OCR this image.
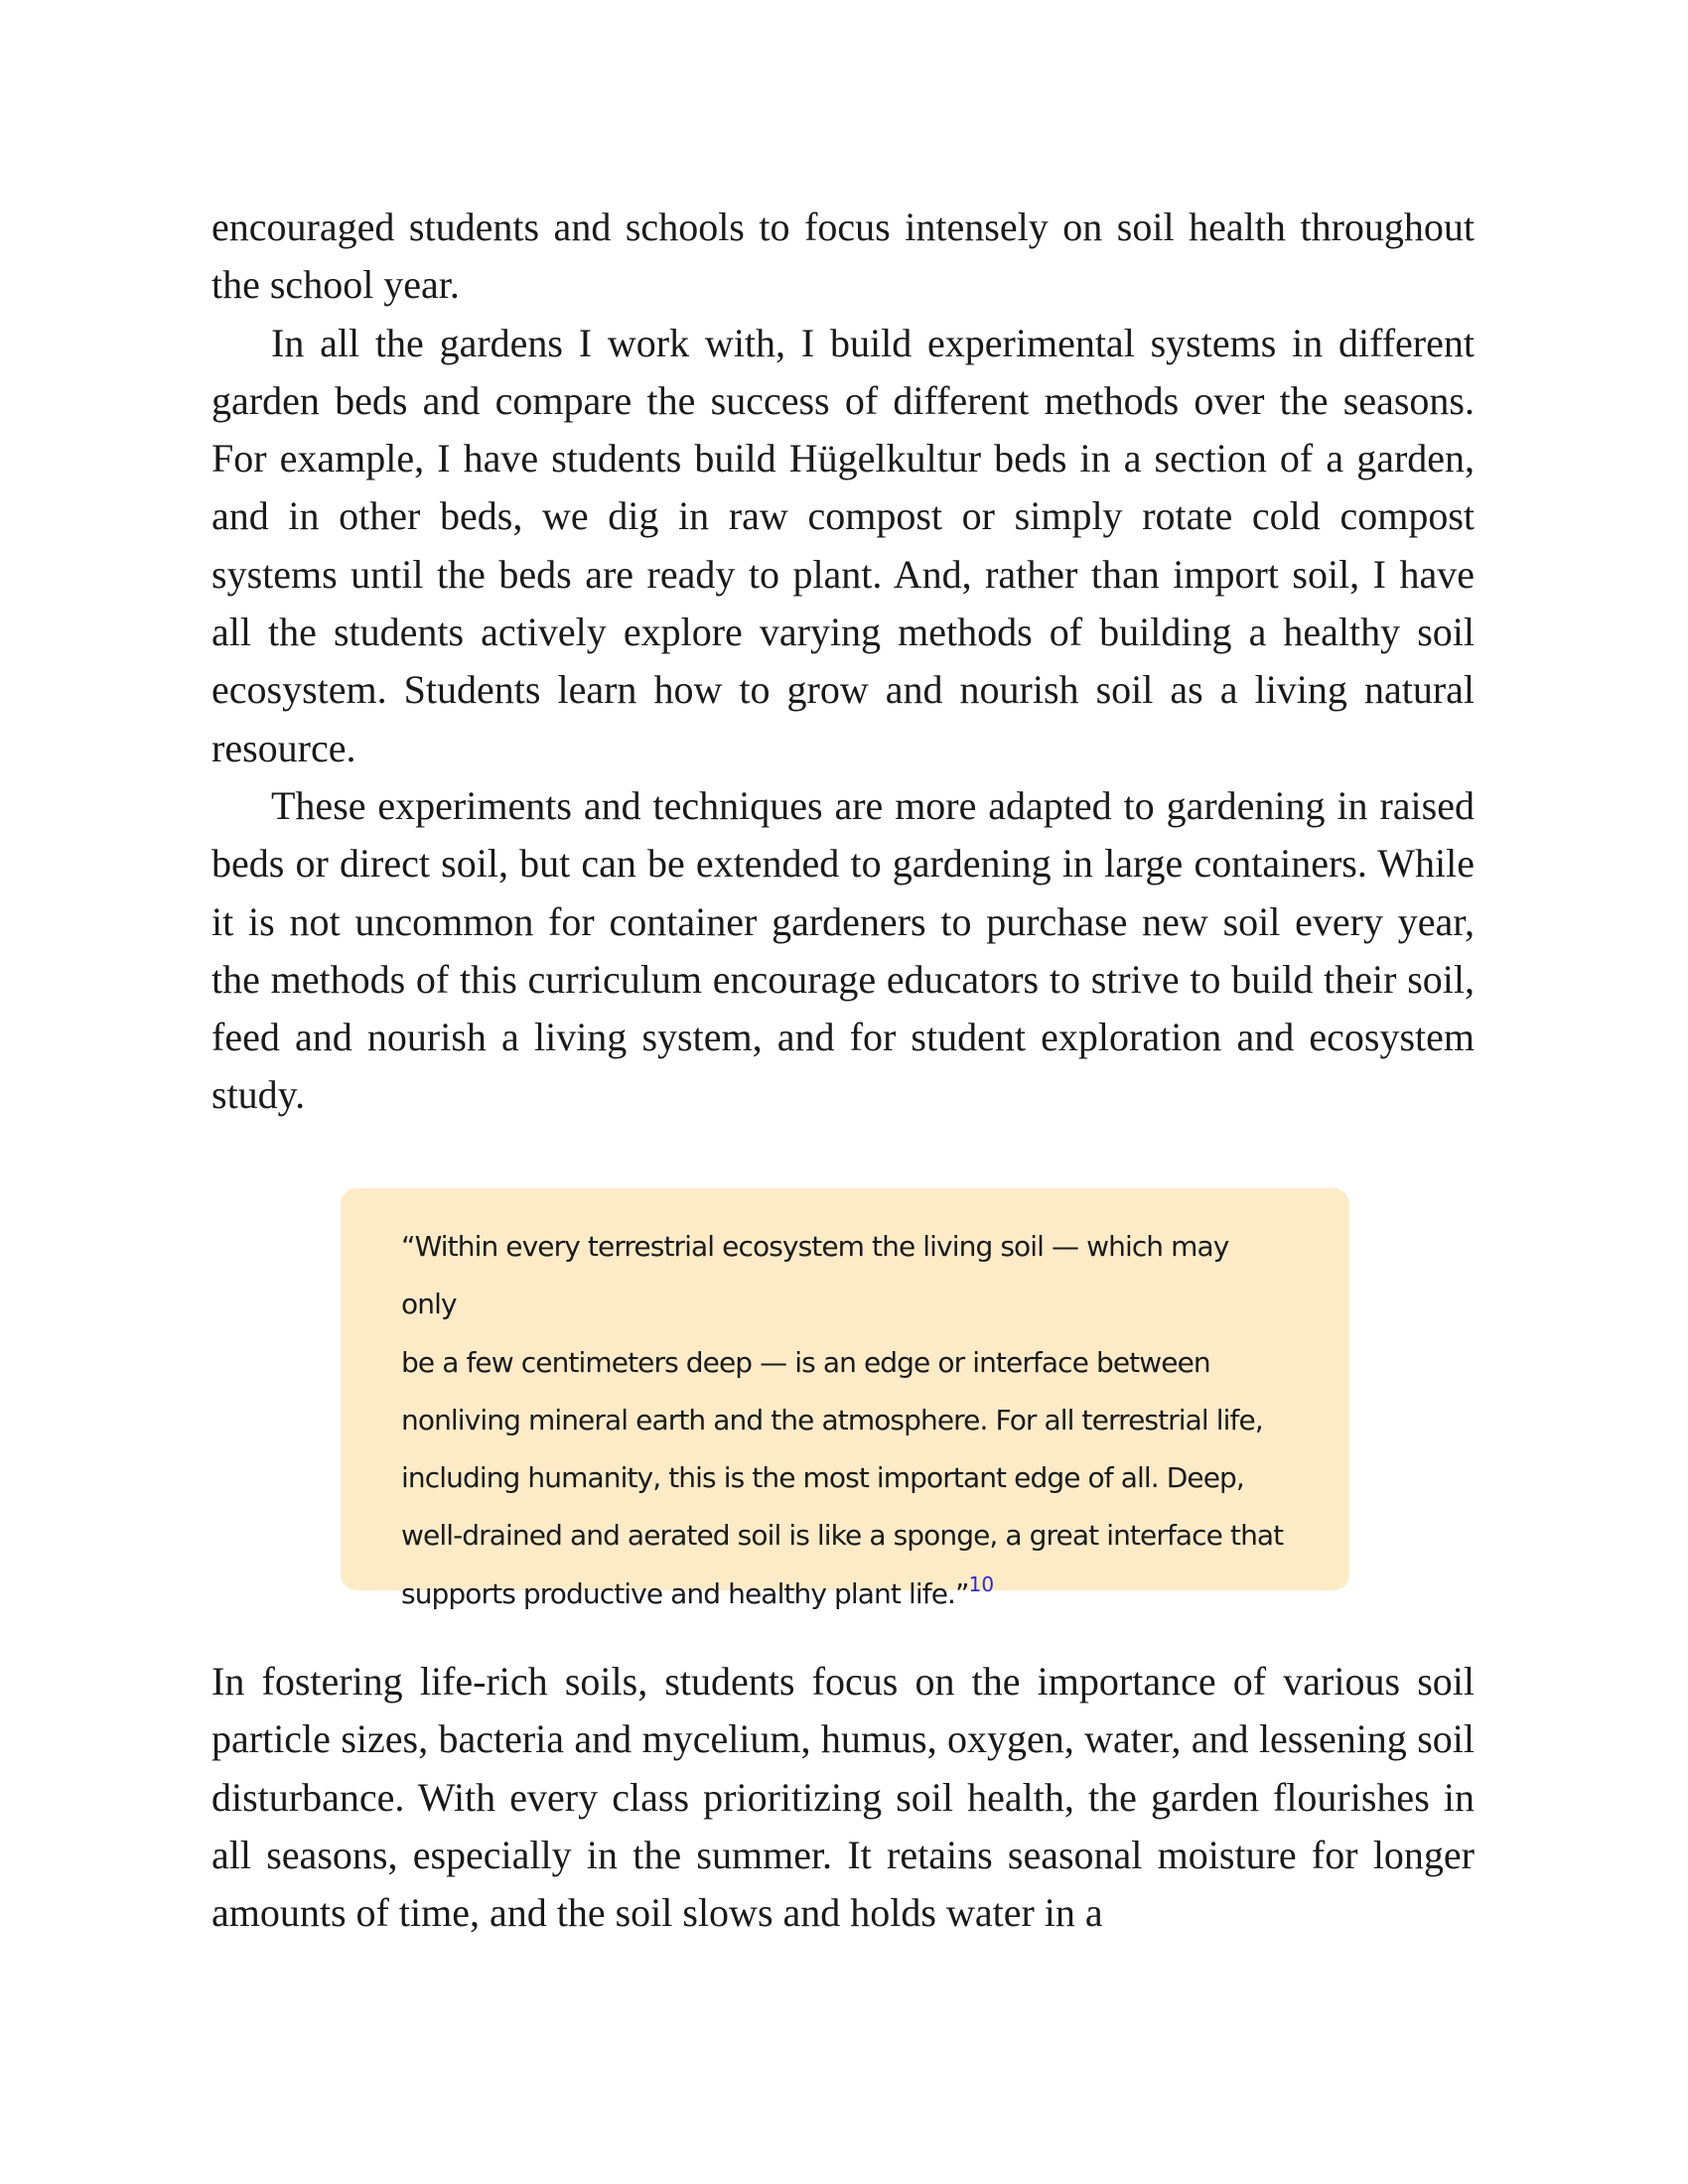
encouraged students and schools to focus intensely on soil health throughout the school year.

In all the gardens I work with, I build experimental systems in different garden beds and compare the success of different methods over the seasons. For example, I have students build Hügelkultur beds in a section of a garden, and in other beds, we dig in raw compost or simply rotate cold compost systems until the beds are ready to plant. And, rather than import soil, I have all the students actively explore varying methods of building a healthy soil ecosystem. Students learn how to grow and nourish soil as a living natural resource.

These experiments and techniques are more adapted to gardening in raised beds or direct soil, but can be extended to gardening in large containers. While it is not uncommon for container gardeners to purchase new soil every year, the methods of this curriculum encourage educators to strive to build their soil, feed and nourish a living system, and for student exploration and ecosystem study.

“Within every terrestrial ecosystem the living soil — which may only
be a few centimeters deep — is an edge or interface between
nonliving mineral earth and the atmosphere. For all terrestrial life,
including humanity, this is the most important edge of all. Deep,
well-drained and aerated soil is like a sponge, a great interface that
supports productive and healthy plant life.”$^{10}$

In fostering life-rich soils, students focus on the importance of various soil particle sizes, bacteria and mycelium, humus, oxygen, water, and lessening soil disturbance. With every class prioritizing soil health, the garden flourishes in all seasons, especially in the summer. It retains seasonal moisture for longer amounts of time, and the soil slows and holds water in a
